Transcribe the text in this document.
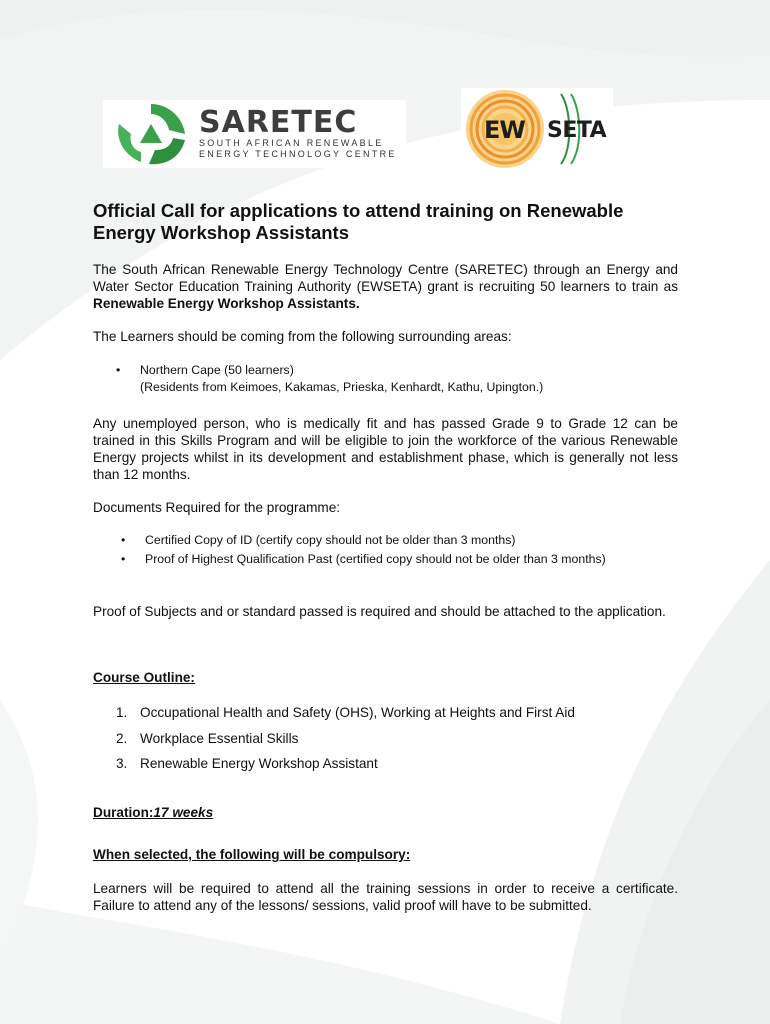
SARETEC
SOUTH AFRICAN RENEWABLE
ENERGY TECHNOLOGY CENTRE
EW SETA
Official Call for applications to attend training on Renewable
Energy Workshop Assistants

The South African Renewable Energy Technology Centre (SARETEC) through an Energy and Water Sector Education Training Authority (EWSETA) grant is recruiting 50 learners to train as Renewable Energy Workshop Assistants.

The Learners should be coming from the following surrounding areas:

• Northern Cape (50 learners)
(Residents from Keimoes, Kakamas, Prieska, Kenhardt, Kathu, Upington.)

Any unemployed person, who is medically fit and has passed Grade 9 to Grade 12 can be trained in this Skills Program and will be eligible to join the workforce of the various Renewable Energy projects whilst in its development and establishment phase, which is generally not less than 12 months.

Documents Required for the programme:

• Certified Copy of ID (certify copy should not be older than 3 months)
• Proof of Highest Qualification Past (certified copy should not be older than 3 months)

Proof of Subjects and or standard passed is required and should be attached to the application.

Course Outline:

1. Occupational Health and Safety (OHS), Working at Heights and First Aid
2. Workplace Essential Skills
3. Renewable Energy Workshop Assistant

Duration:17 weeks

When selected, the following will be compulsory:

Learners will be required to attend all the training sessions in order to receive a certificate. Failure to attend any of the lessons/ sessions, valid proof will have to be submitted.
